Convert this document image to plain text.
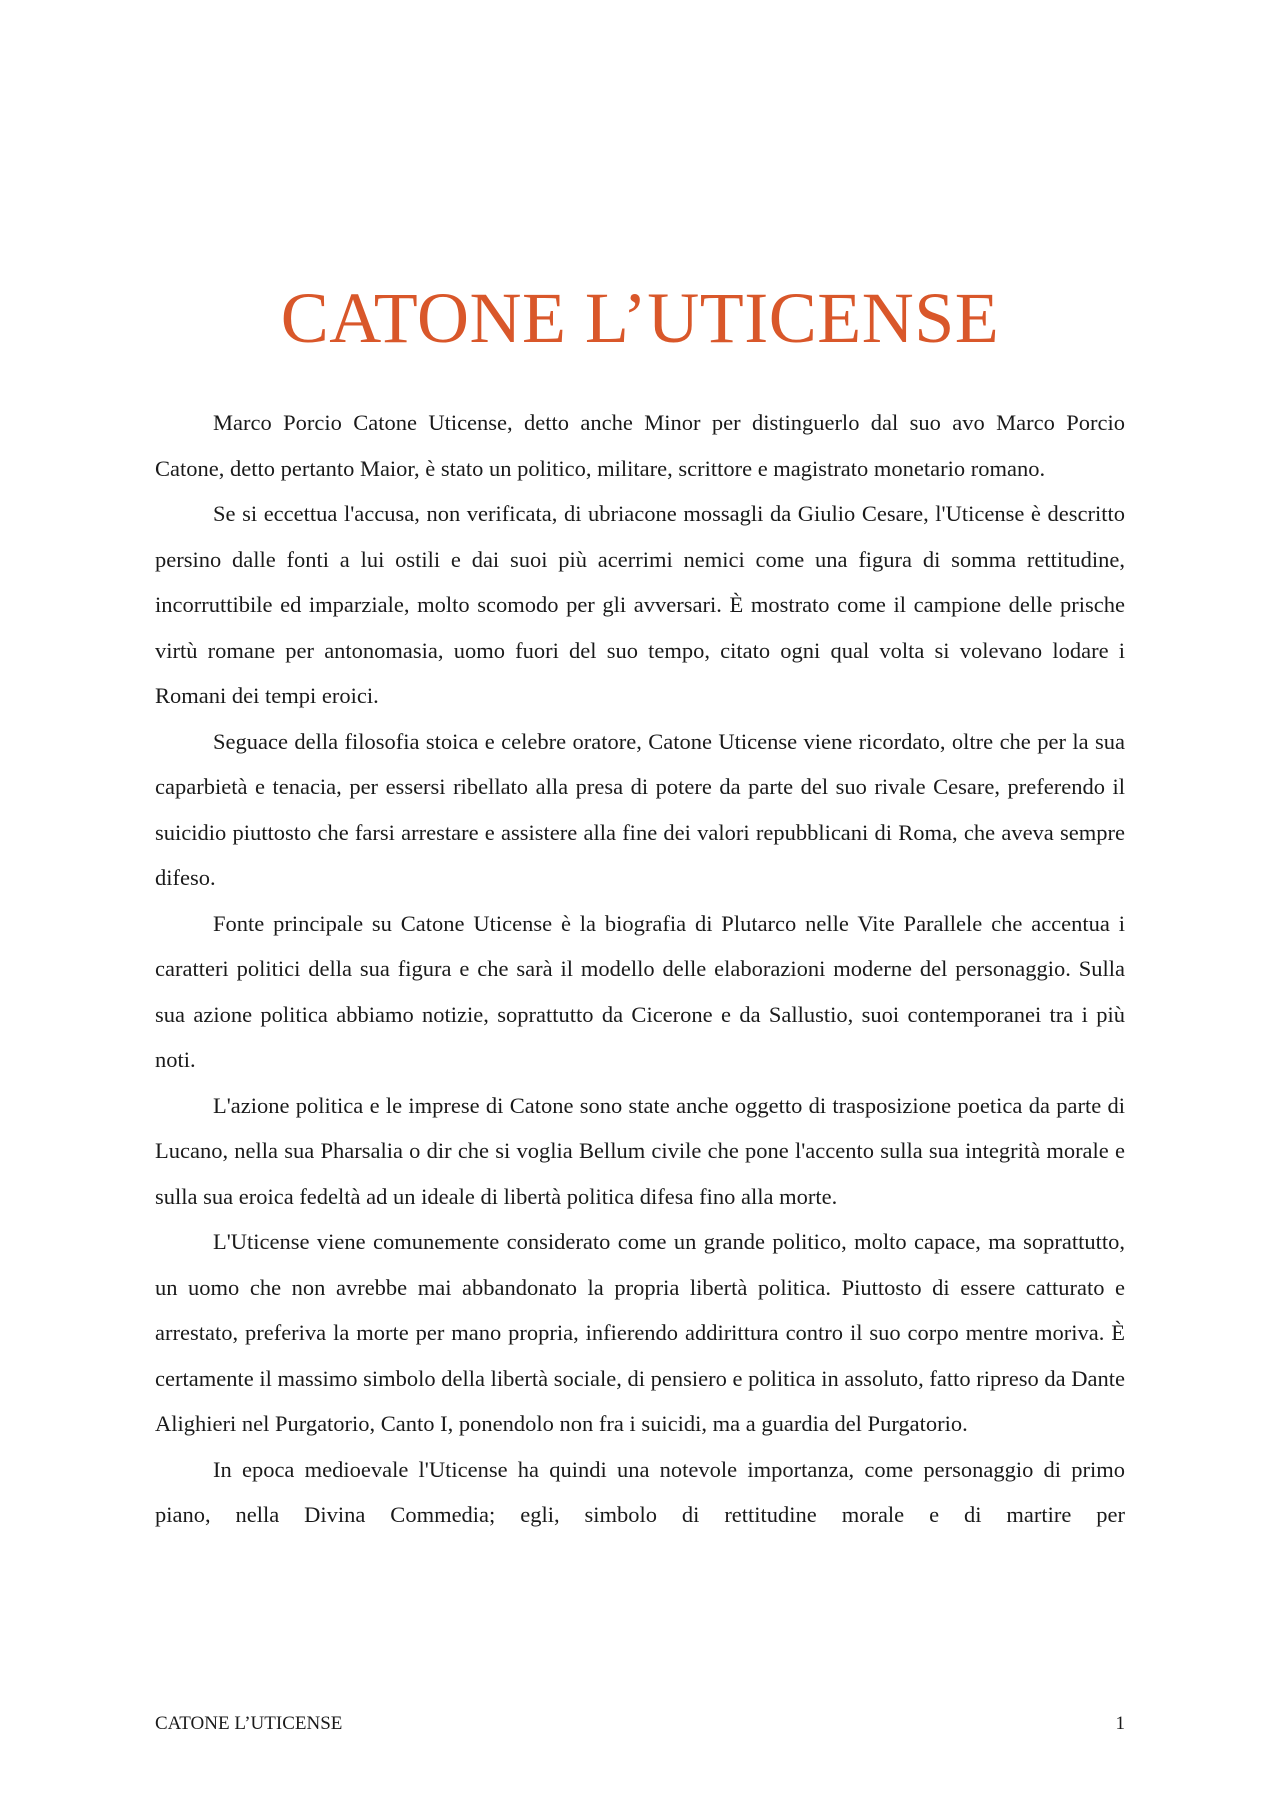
CATONE L’UTICENSE

Marco Porcio Catone Uticense, detto anche Minor per distinguerlo dal suo avo Marco Porcio Catone, detto pertanto Maior, è stato un politico, militare, scrittore e magistrato monetario romano.

Se si eccettua l'accusa, non verificata, di ubriacone mossagli da Giulio Cesare, l'Uticense è descritto persino dalle fonti a lui ostili e dai suoi più acerrimi nemici come una figura di somma rettitudine, incorruttibile ed imparziale, molto scomodo per gli avversari. È mostrato come il campione delle prische virtù romane per antonomasia, uomo fuori del suo tempo, citato ogni qual volta si volevano lodare i Romani dei tempi eroici.

Seguace della filosofia stoica e celebre oratore, Catone Uticense viene ricordato, oltre che per la sua caparbietà e tenacia, per essersi ribellato alla presa di potere da parte del suo rivale Cesare, preferendo il suicidio piuttosto che farsi arrestare e assistere alla fine dei valori repubblicani di Roma, che aveva sempre difeso.

Fonte principale su Catone Uticense è la biografia di Plutarco nelle Vite Parallele che accentua i caratteri politici della sua figura e che sarà il modello delle elaborazioni moderne del personaggio. Sulla sua azione politica abbiamo notizie, soprattutto da Cicerone e da Sallustio, suoi contemporanei tra i più noti.

L'azione politica e le imprese di Catone sono state anche oggetto di trasposizione poetica da parte di Lucano, nella sua Pharsalia o dir che si voglia Bellum civile che pone l'accento sulla sua integrità morale e sulla sua eroica fedeltà ad un ideale di libertà politica difesa fino alla morte.

L'Uticense viene comunemente considerato come un grande politico, molto capace, ma soprattutto, un uomo che non avrebbe mai abbandonato la propria libertà politica. Piuttosto di essere catturato e arrestato, preferiva la morte per mano propria, infierendo addirittura contro il suo corpo mentre moriva. È certamente il massimo simbolo della libertà sociale, di pensiero e politica in assoluto, fatto ripreso da Dante Alighieri nel Purgatorio, Canto I, ponendolo non fra i suicidi, ma a guardia del Purgatorio.

In epoca medioevale l'Uticense ha quindi una notevole importanza, come personaggio di primo piano, nella Divina Commedia; egli, simbolo di rettitudine morale e di martire per

CATONE L’UTICENSE	1
